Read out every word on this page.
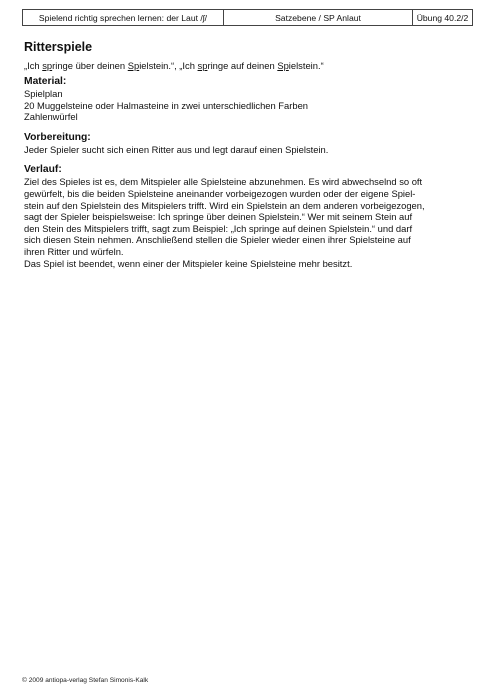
Spielend richtig sprechen lernen: der Laut /ʃ/	Satzebene / SP Anlaut	Übung 40.2/2
Ritterspiele

„Ich springe über deinen Spielstein.“, „Ich springe auf deinen Spielstein.“

Material:
Spielplan
20 Muggelsteine oder Halmasteine in zwei unterschiedlichen Farben
Zahlenwürfel
Vorbereitung:

Jeder Spieler sucht sich einen Ritter aus und legt darauf einen Spielstein.

Verlauf:
Ziel des Spieles ist es, dem Mitspieler alle Spielsteine abzunehmen. Es wird abwechselnd so oft
gewürfelt, bis die beiden Spielsteine aneinander vorbeigezogen wurden oder der eigene Spiel-
stein auf den Spielstein des Mitspielers trifft. Wird ein Spielstein an dem anderen vorbeigezogen,
sagt der Spieler beispielsweise: Ich springe über deinen Spielstein.“ Wer mit seinem Stein auf
den Stein des Mitspielers trifft, sagt zum Beispiel: „Ich springe auf deinen Spielstein.“ und darf
sich diesen Stein nehmen. Anschließend stellen die Spieler wieder einen ihrer Spielsteine auf
ihren Ritter und würfeln.
Das Spiel ist beendet, wenn einer der Mitspieler keine Spielsteine mehr besitzt.
© 2009 antiopa-verlag Stefan Simonis-Kalk
